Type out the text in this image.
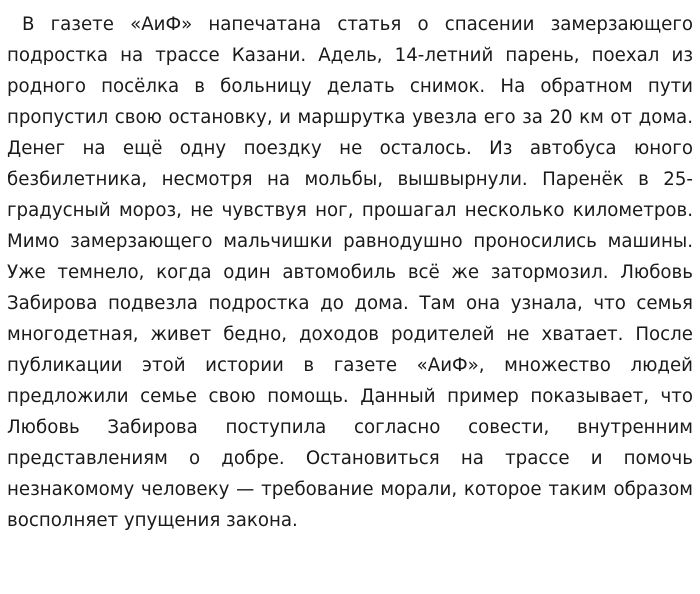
В газете «АиФ» напечатана статья о спасении замерзающего подростка на трассе Казани. Адель, 14-летний парень, поехал из родного посёлка в больницу делать снимок. На обратном пути пропустил свою остановку, и маршрутка увезла его за 20 км от дома. Денег на ещё одну поездку не осталось. Из автобуса юного безбилетника, несмотря на мольбы, вышвырнули. Паренёк в 25-градусный мороз, не чувствуя ног, прошагал несколько километров. Мимо замерзающего мальчишки равнодушно проносились машины. Уже темнело, когда один автомобиль всё же затормозил. Любовь Забирова подвезла подростка до дома. Там она узнала, что семья многодетная, живет бедно, доходов родителей не хватает. После публикации этой истории в газете «АиФ», множество людей предложили семье свою помощь. Данный пример показывает, что Любовь Забирова поступила согласно совести, внутренним представлениям о добре. Остановиться на трассе и помочь незнакомому человеку — требование морали, которое таким образом восполняет упущения закона.
